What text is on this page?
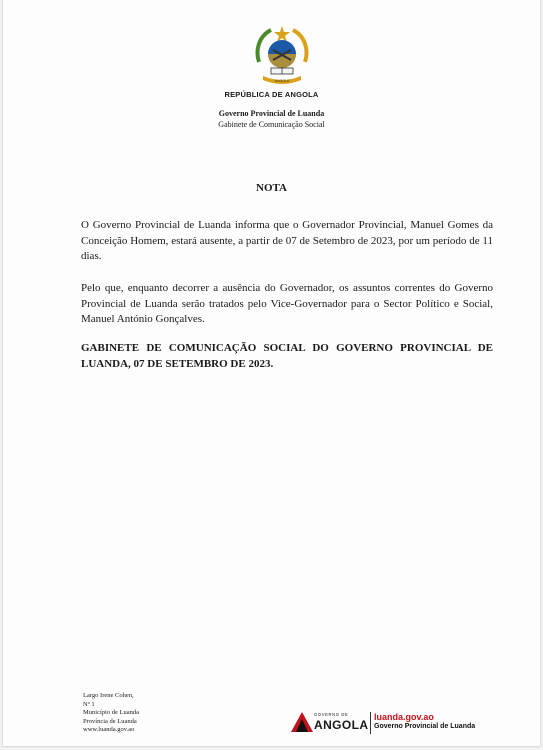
ANGOLA
REPÚBLICA DE ANGOLA
Governo Provincial de Luanda
Gabinete de Comunicação Social
NOTA
O Governo Provincial de Luanda informa que o Governador Provincial, Manuel Gomes da Conceição Homem, estará ausente, a partir de 07 de Setembro de 2023, por um período de 11 dias.
Pelo que, enquanto decorrer a ausência do Governador, os assuntos correntes do Governo Provincial de Luanda serão tratados pelo Vice-Governador para o Sector Político e Social, Manuel António Gonçalves.
GABINETE DE COMUNICAÇÃO SOCIAL DO GOVERNO PROVINCIAL DE LUANDA, 07 DE SETEMBRO DE 2023.
Largo Irene Cohen,
Nº 1
Município de Luanda
Província de Luanda
www.luanda.gov.ao
GOVERNO DE
ANGOLA
luanda.gov.ao
Governo Provincial de Luanda
